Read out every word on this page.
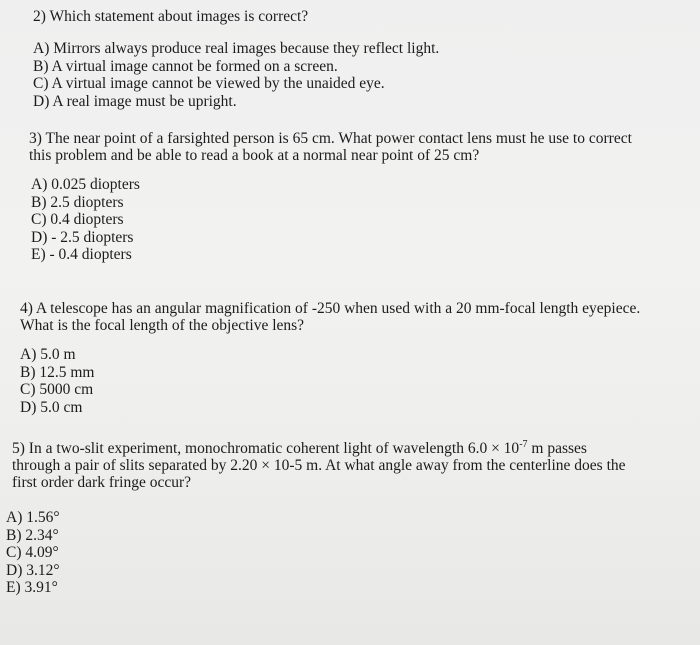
2) Which statement about images is correct?

A) Mirrors always produce real images because they reflect light.
B) A virtual image cannot be formed on a screen.
C) A virtual image cannot be viewed by the unaided eye.
D) A real image must be upright.

3) The near point of a farsighted person is 65 cm. What power contact lens must he use to correct

this problem and be able to read a book at a normal near point of 25 cm?

A) 0.025 diopters
B) 2.5 diopters
C) 0.4 diopters
D) - 2.5 diopters
E) - 0.4 diopters

4) A telescope has an angular magnification of -250 when used with a 20 mm-focal length eyepiece.

What is the focal length of the objective lens?

A) 5.0 m
B) 12.5 mm
C) 5000 cm
D) 5.0 cm

5) In a two-slit experiment, monochromatic coherent light of wavelength $6.0 \times 10^{-7}$ m passes

through a pair of slits separated by 2.20 × 10-5 m. At what angle away from the centerline does the

first order dark fringe occur?

A) 1.56°
B) 2.34°
C) 4.09°
D) 3.12°
E) 3.91°
